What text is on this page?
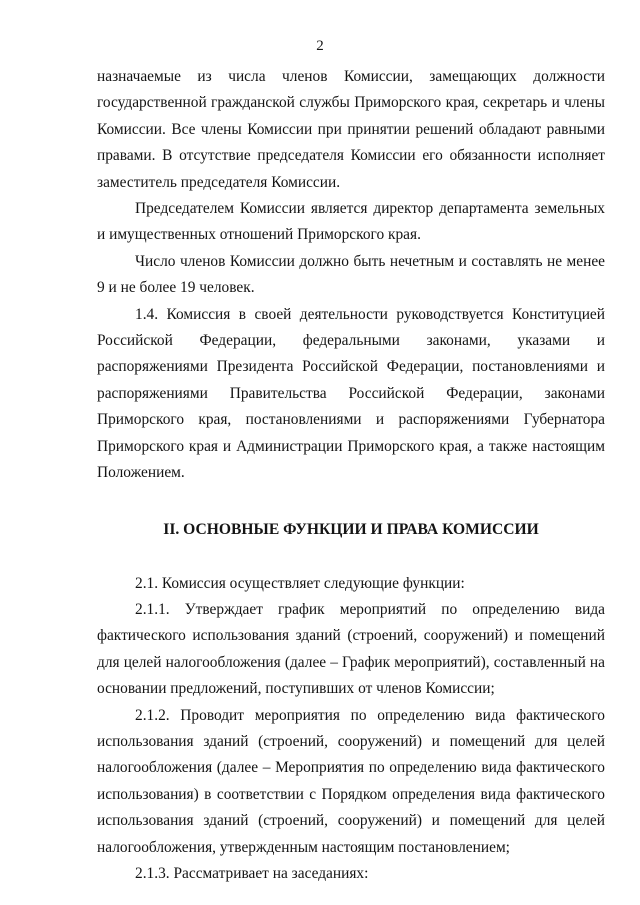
2

назначаемые из числа членов Комиссии, замещающих должности государственной гражданской службы Приморского края, секретарь и члены Комиссии. Все члены Комиссии при принятии решений обладают равными правами. В отсутствие председателя Комиссии его обязанности исполняет заместитель председателя Комиссии.

Председателем Комиссии является директор департамента земельных и имущественных отношений Приморского края.

Число членов Комиссии должно быть нечетным и составлять не менее 9 и не более 19 человек.

1.4. Комиссия в своей деятельности руководствуется Конституцией Российской Федерации, федеральными законами, указами и распоряжениями Президента Российской Федерации, постановлениями и распоряжениями Правительства Российской Федерации, законами Приморского края, постановлениями и распоряжениями Губернатора Приморского края и Администрации Приморского края, а также настоящим Положением.

II. ОСНОВНЫЕ ФУНКЦИИ И ПРАВА КОМИССИИ

2.1. Комиссия осуществляет следующие функции:

2.1.1. Утверждает график мероприятий по определению вида фактического использования зданий (строений, сооружений) и помещений для целей налогообложения (далее – График мероприятий), составленный на основании предложений, поступивших от членов Комиссии;

2.1.2. Проводит мероприятия по определению вида фактического использования зданий (строений, сооружений) и помещений для целей налогообложения (далее – Мероприятия по определению вида фактического использования) в соответствии с Порядком определения вида фактического использования зданий (строений, сооружений) и помещений для целей налогообложения, утвержденным настоящим постановлением;

2.1.3. Рассматривает на заседаниях:
